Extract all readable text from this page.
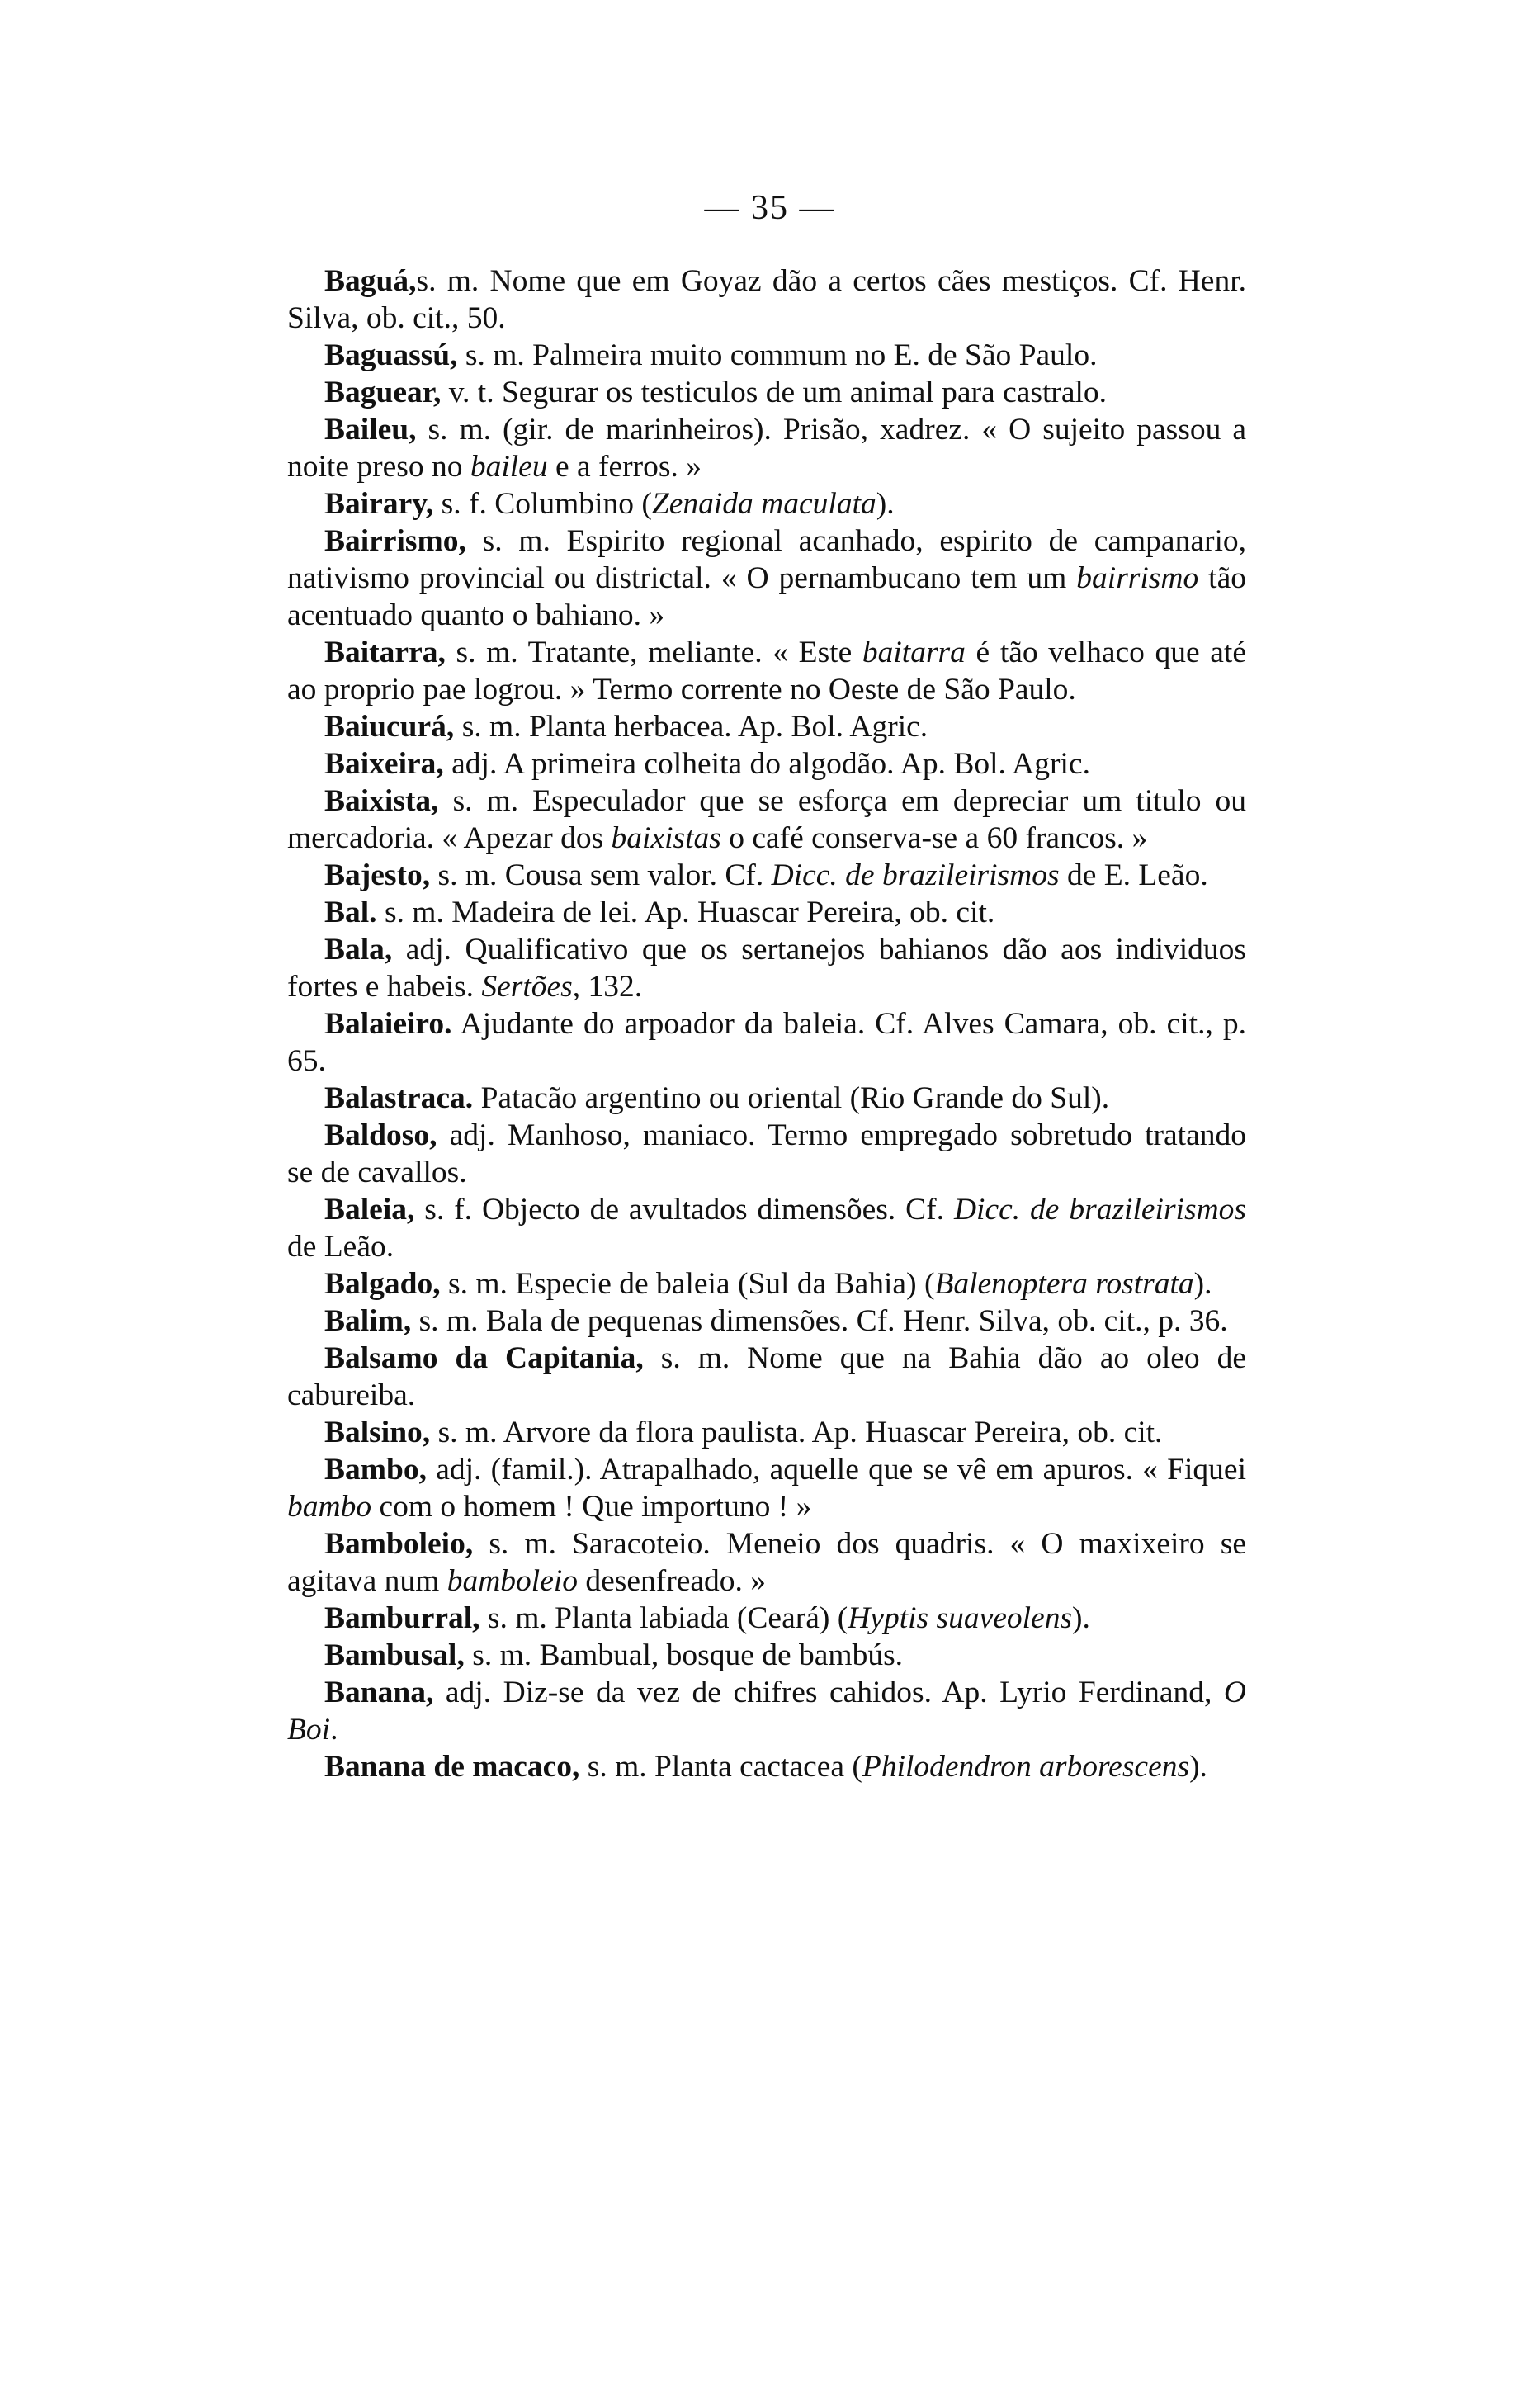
— 35 —

Baguá,s. m. Nome que em Goyaz dão a certos cães mestiços. Cf. Henr. Silva, ob. cit., 50.

Baguassú, s. m. Palmeira muito commum no E. de São Paulo.

Baguear, v. t. Segurar os testiculos de um animal para castralo.

Baileu, s. m. (gir. de marinheiros). Prisão, xadrez. « O sujeito passou a noite preso no baileu e a ferros. »

Bairary, s. f. Columbino (Zenaida maculata).

Bairrismo, s. m. Espirito regional acanhado, espirito de campanario, nativismo provincial ou districtal. « O pernambucano tem um bairrismo tão acentuado quanto o bahiano. »

Baitarra, s. m. Tratante, meliante. « Este baitarra é tão velhaco que até ao proprio pae logrou. » Termo corrente no Oeste de São Paulo.

Baiucurá, s. m. Planta herbacea. Ap. Bol. Agric.

Baixeira, adj. A primeira colheita do algodão. Ap. Bol. Agric.

Baixista, s. m. Especulador que se esforça em depreciar um titulo ou mercadoria. « Apezar dos baixistas o café conserva-se a 60 francos. »

Bajesto, s. m. Cousa sem valor. Cf. Dicc. de brazileirismos de E. Leão.

Bal. s. m. Madeira de lei. Ap. Huascar Pereira, ob. cit.

Bala, adj. Qualificativo que os sertanejos bahianos dão aos individuos fortes e habeis. Sertões, 132.

Balaieiro. Ajudante do arpoador da baleia. Cf. Alves Camara, ob. cit., p. 65.

Balastraca. Patacão argentino ou oriental (Rio Grande do Sul).

Baldoso, adj. Manhoso, maniaco. Termo empregado sobretudo tratando se de cavallos.

Baleia, s. f. Objecto de avultados dimensões. Cf. Dicc. de brazileirismos de Leão.

Balgado, s. m. Especie de baleia (Sul da Bahia) (Balenoptera rostrata).

Balim, s. m. Bala de pequenas dimensões. Cf. Henr. Silva, ob. cit., p. 36.

Balsamo da Capitania, s. m. Nome que na Bahia dão ao oleo de cabureiba.

Balsino, s. m. Arvore da flora paulista. Ap. Huascar Pereira, ob. cit.

Bambo, adj. (famil.). Atrapalhado, aquelle que se vê em apuros. « Fiquei bambo com o homem ! Que importuno ! »

Bamboleio, s. m. Saracoteio. Meneio dos quadris. « O maxixeiro se agitava num bamboleio desenfreado. »

Bamburral, s. m. Planta labiada (Ceará) (Hyptis suaveolens).

Bambusal, s. m. Bambual, bosque de bambús.

Banana, adj. Diz-se da vez de chifres cahidos. Ap. Lyrio Ferdinand, O Boi.

Banana de macaco, s. m. Planta cactacea (Philodendron arborescens).
